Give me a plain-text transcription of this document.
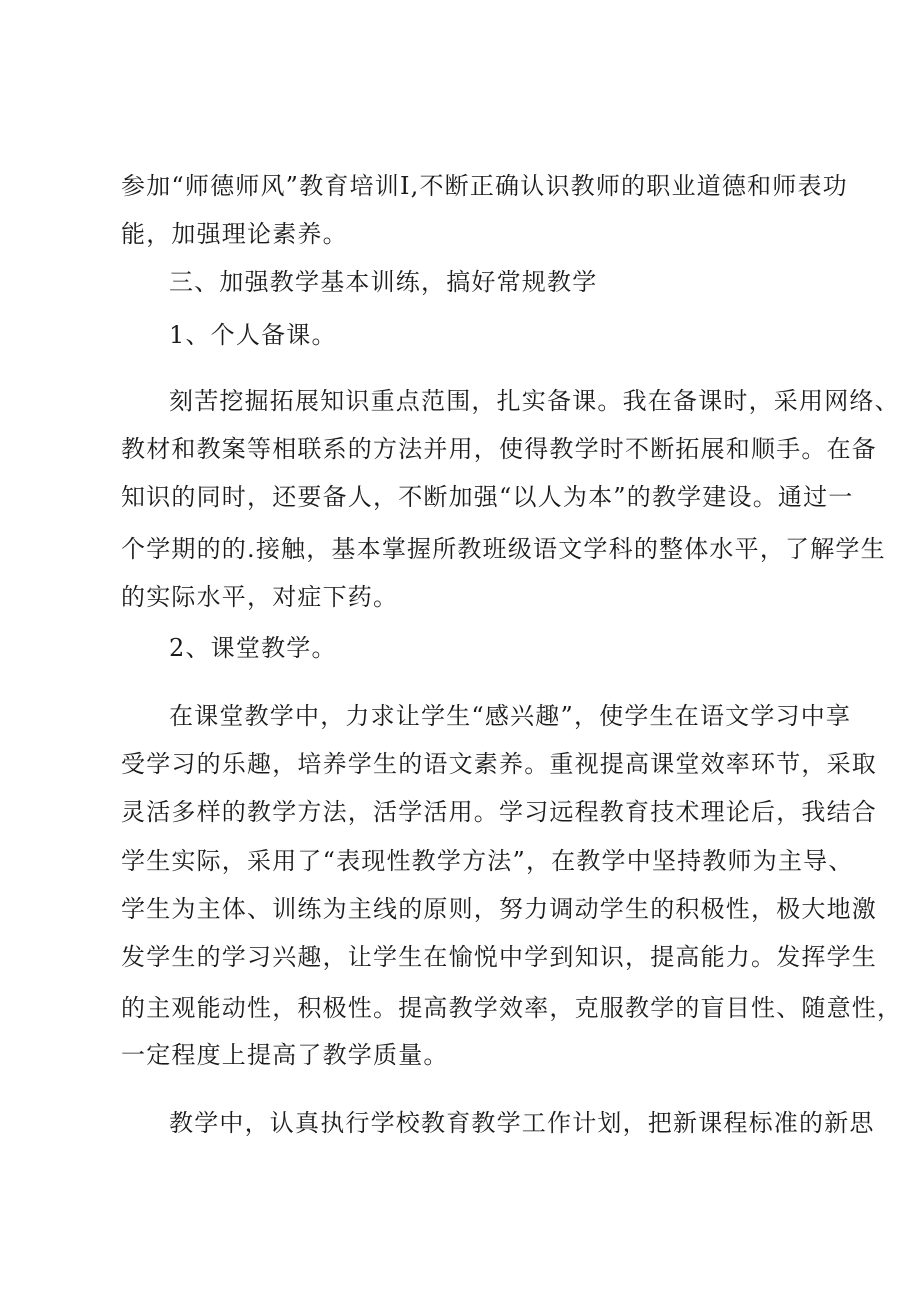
参加“师德师风”教育培训I,不断正确认识教师的职业道德和师表功
能，加强理论素养。
三、加强教学基本训练，搞好常规教学
1、个人备课。
刻苦挖掘拓展知识重点范围，扎实备课。我在备课时，采用网络、
教材和教案等相联系的方法并用，使得教学时不断拓展和顺手。在备
知识的同时，还要备人，不断加强“以人为本”的教学建设。通过一
个学期的的.接触，基本掌握所教班级语文学科的整体水平，了解学生
的实际水平，对症下药。
2、课堂教学。
在课堂教学中，力求让学生“感兴趣”，使学生在语文学习中享
受学习的乐趣，培养学生的语文素养。重视提高课堂效率环节，采取
灵活多样的教学方法，活学活用。学习远程教育技术理论后，我结合
学生实际，采用了“表现性教学方法”，在教学中坚持教师为主导、
学生为主体、训练为主线的原则，努力调动学生的积极性，极大地激
发学生的学习兴趣，让学生在愉悦中学到知识，提高能力。发挥学生
的主观能动性，积极性。提高教学效率，克服教学的盲目性、随意性，
一定程度上提高了教学质量。
教学中，认真执行学校教育教学工作计划，把新课程标准的新思
